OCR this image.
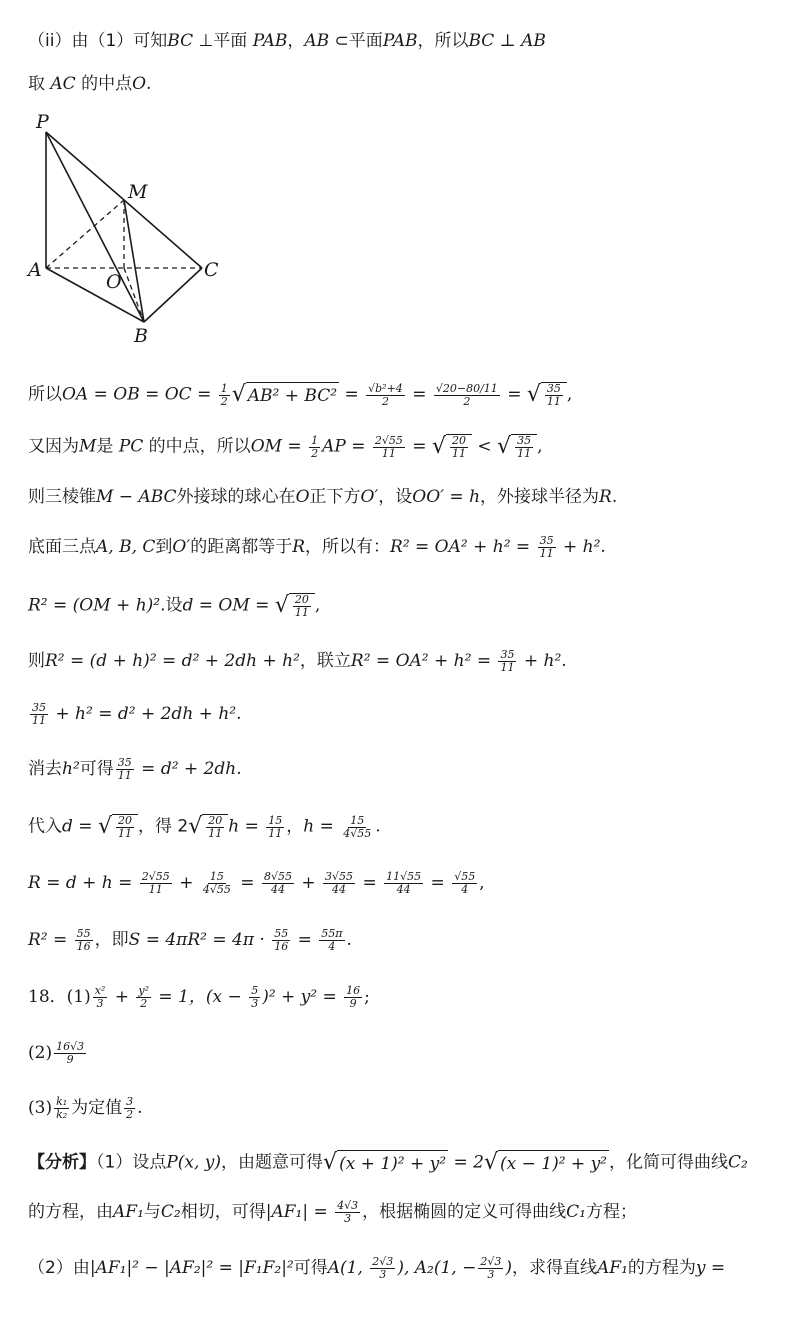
（ii）由（1）可知BC ⊥平面 PAB，AB ⊂平面PAB，所以BC ⊥ AB
取 AC 的中点O.
P
M
A	C
O
B
所以OA = OB = OC = $\frac{1}{2}$ √ $AB^2 + BC^2 = \frac{\text{√b²+4}}{2} = \frac{√20-80/11}{2}$ = √ $\frac{35}{11}$ ,
又因为M是 PC 的中点，所以OM = $\frac{1}{2}$ AP = $\frac{2√55}{11}$ = √ $\frac{20}{11}$ < √ $\frac{35}{11}$ ,
则三棱锥M − ABC外接球的球心在O正下方O′，设OO′ = h，外接球半径为R.
底面三点A, B, C到O′的距离都等于R，所以有：$R^2 = OA^2 + h^2 = \frac{35}{11} + h^2$.
R² = (OM + h)².设d = OM = √ $\frac{20}{11}$ ,
则R² = (d + h)² = d² + 2dh + h²，联立$R^2 = OA^2 + h^2 = \frac{35}{11} + h^2$.
$\frac{35}{11} + h^2 = d^2 + 2dh + h^2$.
消去h²可得 $\frac{35}{11} = d^2 + 2dh$.
代入d = √ $\frac{20}{11}$ ，得 2 √ $\frac{20}{11}$ $h = \frac{15}{11}$ ，$h = \frac{15}{4√55}$ .
$R = d + h = \frac{2√55}{11} + \frac{15}{4√55} = \frac{8√55}{44} + \frac{3√55}{44} = \frac{11√55}{44} = \frac{√55}{4}$ ,
$R^2 = \frac{55}{16}$ ，即$S = 4\pi R^2 = 4\pi \cdot \frac{55}{16} = \frac{55\pi}{4}$ .
18．$(1) \frac{\text{x²}}{3} + \frac{\text{y²}}{2} = 1$，$(x - \frac{5}{3} )^2 + y^2 = \frac{16}{9}$ ;
$(2) \frac{16√3}{9}$
$(3) \frac{\text{k₁}}{\text{k₂}}$ 为定值 $\frac{3}{2}$ .
【分析】（1）设点P(x, y)，由题意可得 √ (x + 1)² + y² = 2 √ (x − 1)² + y² ，化简可得曲线C₂
的方程，由AF₁与C₂相切，可得$|AF_1| = \frac{4√3}{3}$ ，根据椭圆的定义可得曲线C₁方程；
（2）由|AF₁|² − |AF₂|² = |F₁F₂|²可得A(1, $\frac{2√3}{3}$ ), A₂(1, − $\frac{2√3}{3}$ )，求得直线AF₁的方程为y =
